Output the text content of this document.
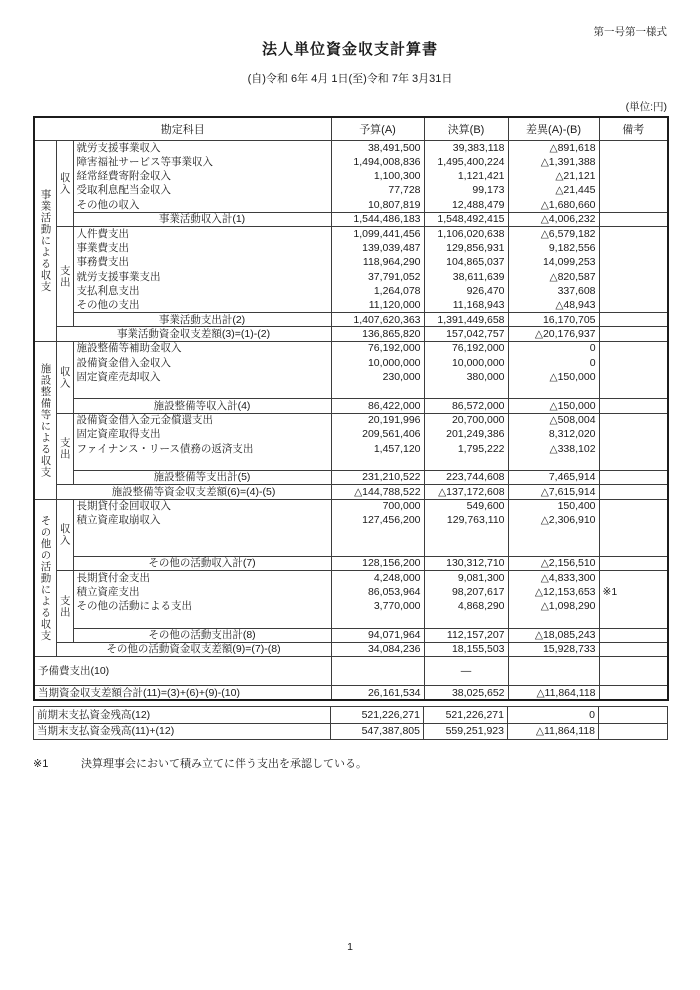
第一号第一様式
法人単位資金収支計算書
(自)令和 6年 4月 1日(至)令和 7年 3月31日
(単位:円)
勘定科目			予算(A)	決算(B)	差異(A)-(B)	備考
事業活動による収支	収入	就労支援事業収入	38,491,500	39,383,118	△891,618	
		障害福祉サービス等事業収入	1,494,008,836	1,495,400,224	△1,391,388	
		経常経費寄附金収入	1,100,300	1,121,421	△21,121	
		受取利息配当金収入	77,728	99,173	△21,445	
		その他の収入	10,807,819	12,488,479	△1,680,660	
		事業活動収入計(1)	1,544,486,183	1,548,492,415	△4,006,232	
	支出	人件費支出	1,099,441,456	1,106,020,638	△6,579,182	
		事業費支出	139,039,487	129,856,931	9,182,556	
		事務費支出	118,964,290	104,865,037	14,099,253	
		就労支援事業支出	37,791,052	38,611,639	△820,587	
		支払利息支出	1,264,078	926,470	337,608	
		その他の支出	11,120,000	11,168,943	△48,943	
		事業活動支出計(2)	1,407,620,363	1,391,449,658	16,170,705	
	事業活動資金収支差額(3)=(1)-(2)		136,865,820	157,042,757	△20,176,937	
施設整備等による収支	収入	施設整備等補助金収入	76,192,000	76,192,000	0	
		設備資金借入金収入	10,000,000	10,000,000	0	
		固定資産売却収入	230,000	380,000	△150,000	

		施設整備等収入計(4)	86,422,000	86,572,000	△150,000	
	支出	設備資金借入金元金償還支出	20,191,996	20,700,000	△508,004	
		固定資産取得支出	209,561,406	201,249,386	8,312,020	
		ファイナンス・リース債務の返済支出	1,457,120	1,795,222	△338,102	

		施設整備等支出計(5)	231,210,522	223,744,608	7,465,914	
	施設整備等資金収支差額(6)=(4)-(5)		△144,788,522	△137,172,608	△7,615,914	
その他の活動による収支	収入	長期貸付金回収収入	700,000	549,600	150,400	
		積立資産取崩収入	127,456,200	129,763,110	△2,306,910	

		その他の活動収入計(7)	128,156,200	130,312,710	△2,156,510	
	支出	長期貸付金支出	4,248,000	9,081,300	△4,833,300	
		積立資産支出	86,053,964	98,207,617	△12,153,653	※1
		その他の活動による支出	3,770,000	4,868,290	△1,098,290	

		その他の活動支出計(8)	94,071,964	112,157,207	△18,085,243	
	その他の活動資金収支差額(9)=(7)-(8)		34,084,236	18,155,503	15,928,733	
予備費支出(10)				—		
当期資金収支差額合計(11)=(3)+(6)+(9)-(10)			26,161,534	38,025,652	△11,864,118	
前期末支払資金残高(12)	521,226,271	521,226,271	0	
当期末支払資金残高(11)+(12)	547,387,805	559,251,923	△11,864,118	
※1	決算理事会において積み立てに伴う支出を承認している。
1
